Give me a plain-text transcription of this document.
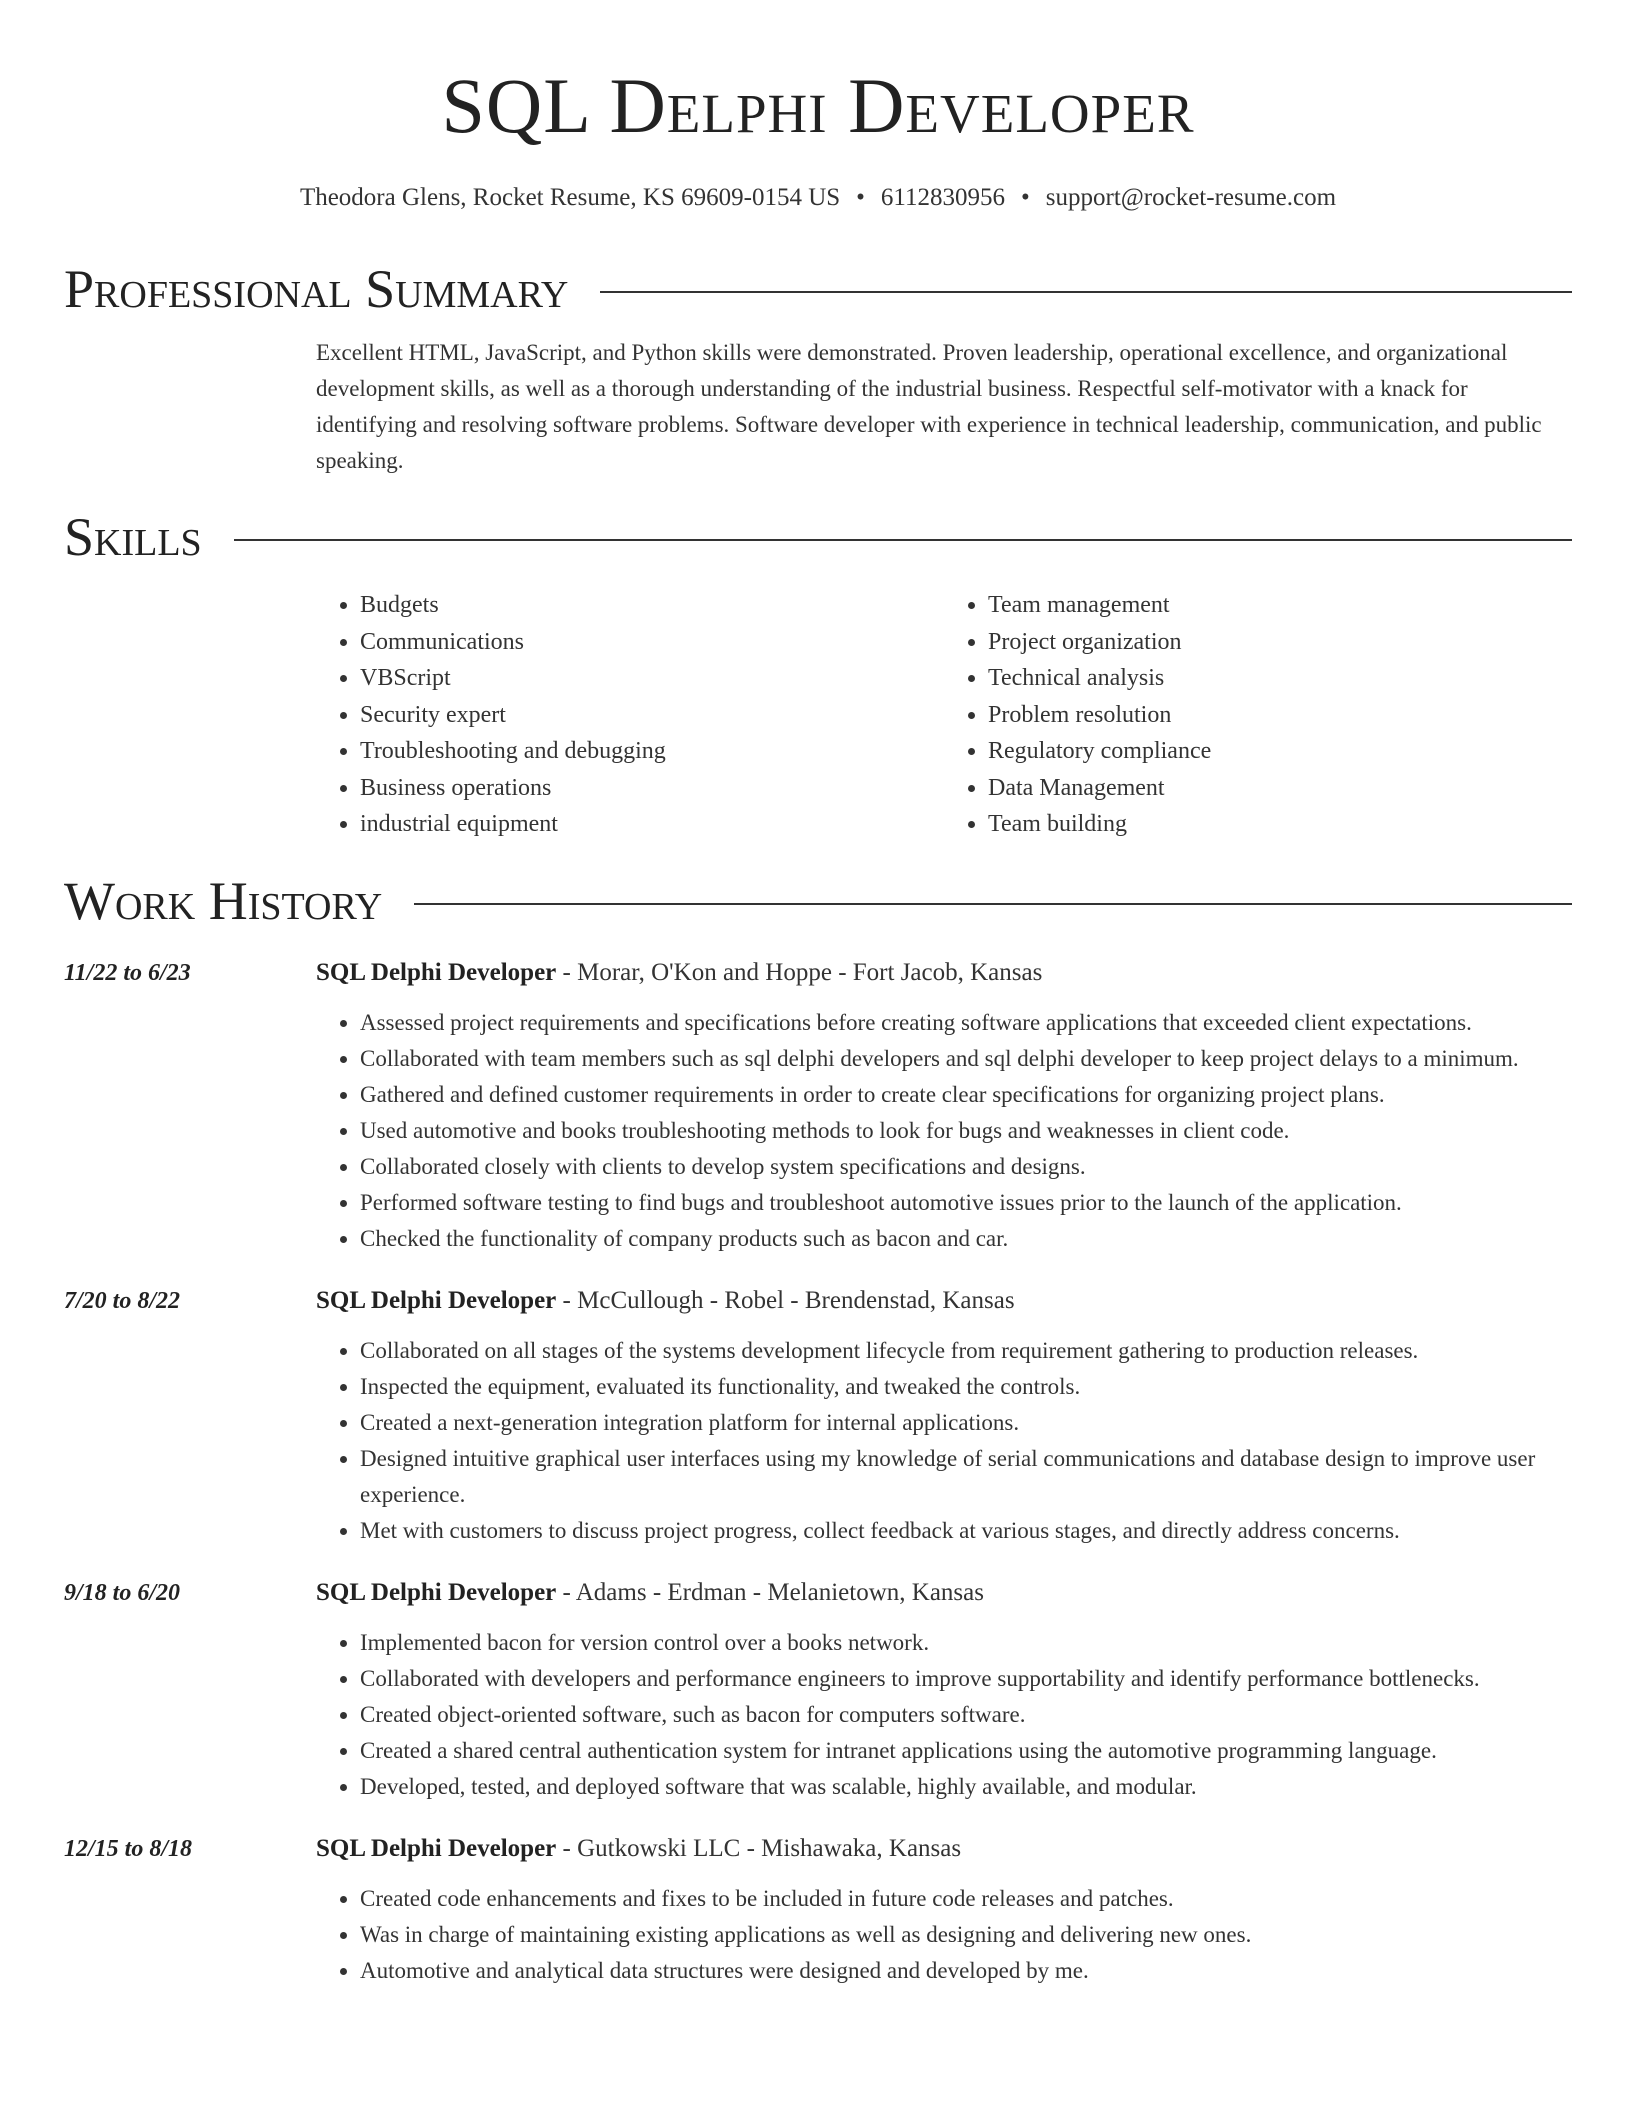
SQL Delphi Developer
Theodora Glens, Rocket Resume, KS 69609-0154 US • 6112830956 • support@rocket-resume.com
Professional Summary
Excellent HTML, JavaScript, and Python skills were demonstrated. Proven leadership, operational excellence, and organizational development skills, as well as a thorough understanding of the industrial business. Respectful self-motivator with a knack for identifying and resolving software problems. Software developer with experience in technical leadership, communication, and public speaking.
Skills
• Budgets
• Communications
• VBScript
• Security expert
• Troubleshooting and debugging
• Business operations
• industrial equipment
• Team management
• Project organization
• Technical analysis
• Problem resolution
• Regulatory compliance
• Data Management
• Team building
Work History
11/22 to 6/23	SQL Delphi Developer - Morar, O'Kon and Hoppe - Fort Jacob, Kansas
• Assessed project requirements and specifications before creating software applications that exceeded client expectations.
• Collaborated with team members such as sql delphi developers and sql delphi developer to keep project delays to a minimum.
• Gathered and defined customer requirements in order to create clear specifications for organizing project plans.
• Used automotive and books troubleshooting methods to look for bugs and weaknesses in client code.
• Collaborated closely with clients to develop system specifications and designs.
• Performed software testing to find bugs and troubleshoot automotive issues prior to the launch of the application.
• Checked the functionality of company products such as bacon and car.
7/20 to 8/22	SQL Delphi Developer - McCullough - Robel - Brendenstad, Kansas
• Collaborated on all stages of the systems development lifecycle from requirement gathering to production releases.
• Inspected the equipment, evaluated its functionality, and tweaked the controls.
• Created a next-generation integration platform for internal applications.
• Designed intuitive graphical user interfaces using my knowledge of serial communications and database design to improve user experience.
• Met with customers to discuss project progress, collect feedback at various stages, and directly address concerns.
9/18 to 6/20	SQL Delphi Developer - Adams - Erdman - Melanietown, Kansas
• Implemented bacon for version control over a books network.
• Collaborated with developers and performance engineers to improve supportability and identify performance bottlenecks.
• Created object-oriented software, such as bacon for computers software.
• Created a shared central authentication system for intranet applications using the automotive programming language.
• Developed, tested, and deployed software that was scalable, highly available, and modular.
12/15 to 8/18	SQL Delphi Developer - Gutkowski LLC - Mishawaka, Kansas
• Created code enhancements and fixes to be included in future code releases and patches.
• Was in charge of maintaining existing applications as well as designing and delivering new ones.
• Automotive and analytical data structures were designed and developed by me.
